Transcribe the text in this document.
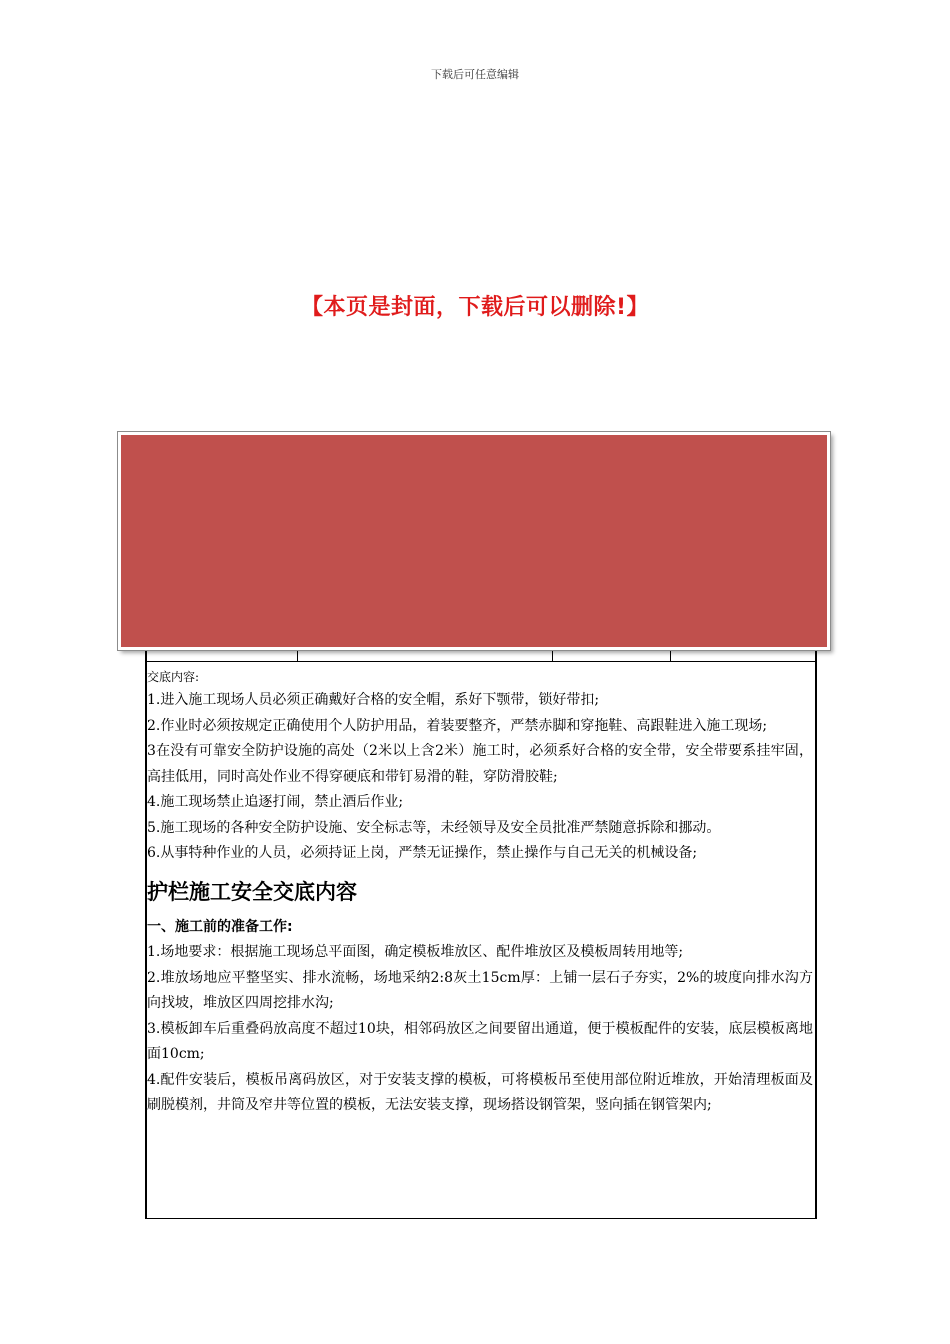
下载后可任意编辑
【本页是封面，下载后可以删除!】

交底内容:

1.进入施工现场人员必须正确戴好合格的安全帽，系好下颚带，锁好带扣;

2.作业时必须按规定正确使用个人防护用品，着装要整齐，严禁赤脚和穿拖鞋、高跟鞋进入施工现场;

3在没有可靠安全防护设施的高处（2米以上含2米）施工时，必须系好合格的安全带，安全带要系挂牢固，高挂低用，同时高处作业不得穿硬底和带钉易滑的鞋，穿防滑胶鞋;

4.施工现场禁止追逐打闹，禁止酒后作业;

5.施工现场的各种安全防护设施、安全标志等，未经领导及安全员批准严禁随意拆除和挪动。

6.从事特种作业的人员，必须持证上岗，严禁无证操作，禁止操作与自己无关的机械设备;

护栏施工安全交底内容

一、施工前的准备工作:

1.场地要求：根据施工现场总平面图，确定模板堆放区、配件堆放区及模板周转用地等;

2.堆放场地应平整坚实、排水流畅，场地采纳2:8灰土15cm厚：上铺一层石子夯实，2%的坡度向排水沟方向找坡，堆放区四周挖排水沟;

3.模板卸车后重叠码放高度不超过10块，相邻码放区之间要留出通道，便于模板配件的安装，底层模板离地面10cm;

4.配件安装后，模板吊离码放区，对于安装支撑的模板，可将模板吊至使用部位附近堆放，开始清理板面及刷脱模剂，井筒及窄井等位置的模板，无法安装支撑，现场搭设钢管架，竖向插在钢管架内;
